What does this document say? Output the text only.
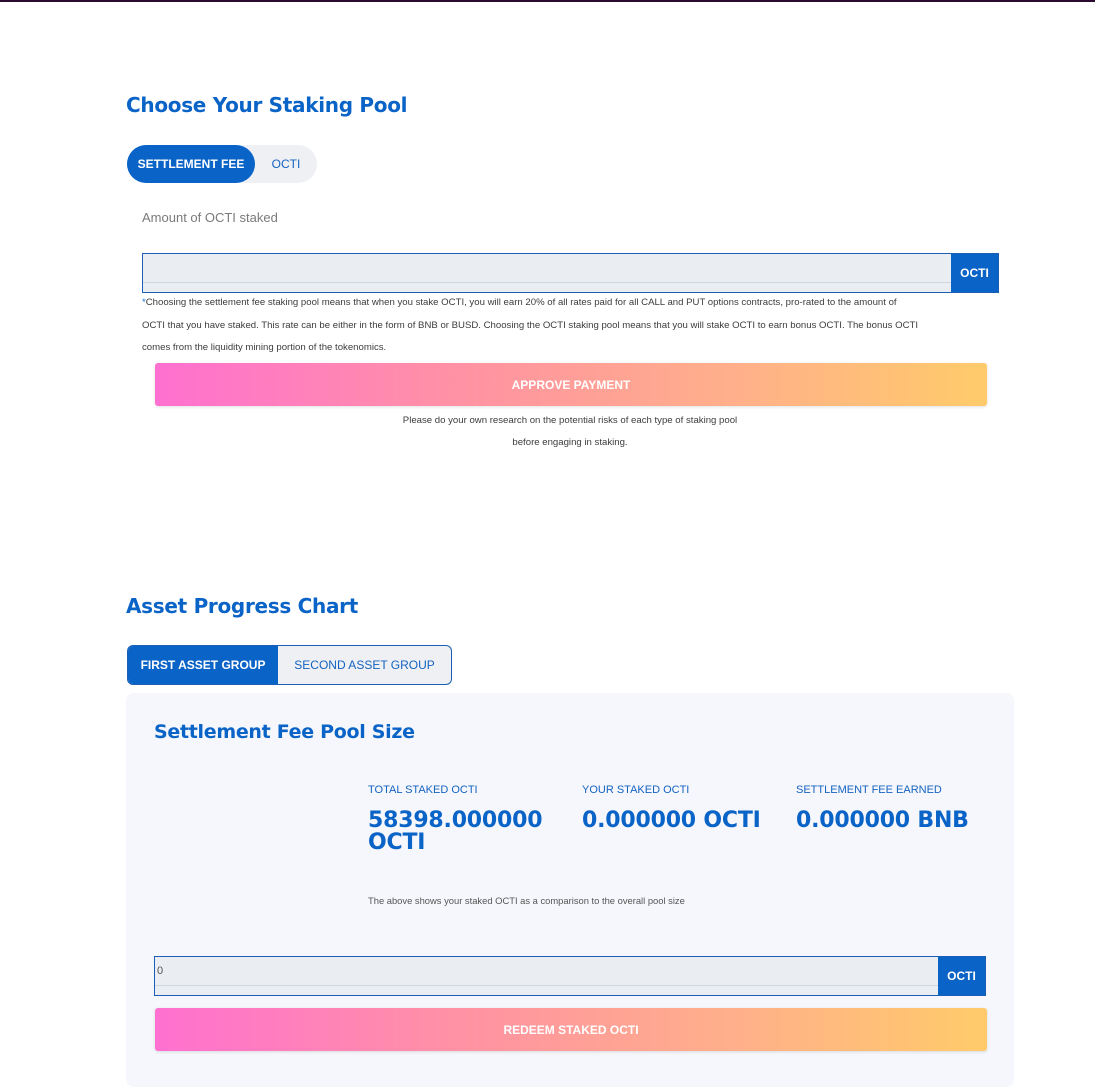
Choose Your Staking Pool
SETTLEMENT FEE	OCTI
Amount of OCTI staked
OCTI
*Choosing the settlement fee staking pool means that when you stake OCTI, you will earn 20% of all rates paid for all CALL and PUT options contracts, pro-rated to the amount of
OCTI that you have staked. This rate can be either in the form of BNB or BUSD. Choosing the OCTI staking pool means that you will stake OCTI to earn bonus OCTI. The bonus OCTI
comes from the liquidity mining portion of the tokenomics.
APPROVE PAYMENT
Please do your own research on the potential risks of each type of staking pool
before engaging in staking.
Asset Progress Chart
FIRST ASSET GROUP	SECOND ASSET GROUP
Settlement Fee Pool Size
TOTAL STAKED OCTI
58398.000000
OCTI
YOUR STAKED OCTI
0.000000 OCTI
SETTLEMENT FEE EARNED
0.000000 BNB
The above shows your staked OCTI as a comparison to the overall pool size
0
OCTI
REDEEM STAKED OCTI
